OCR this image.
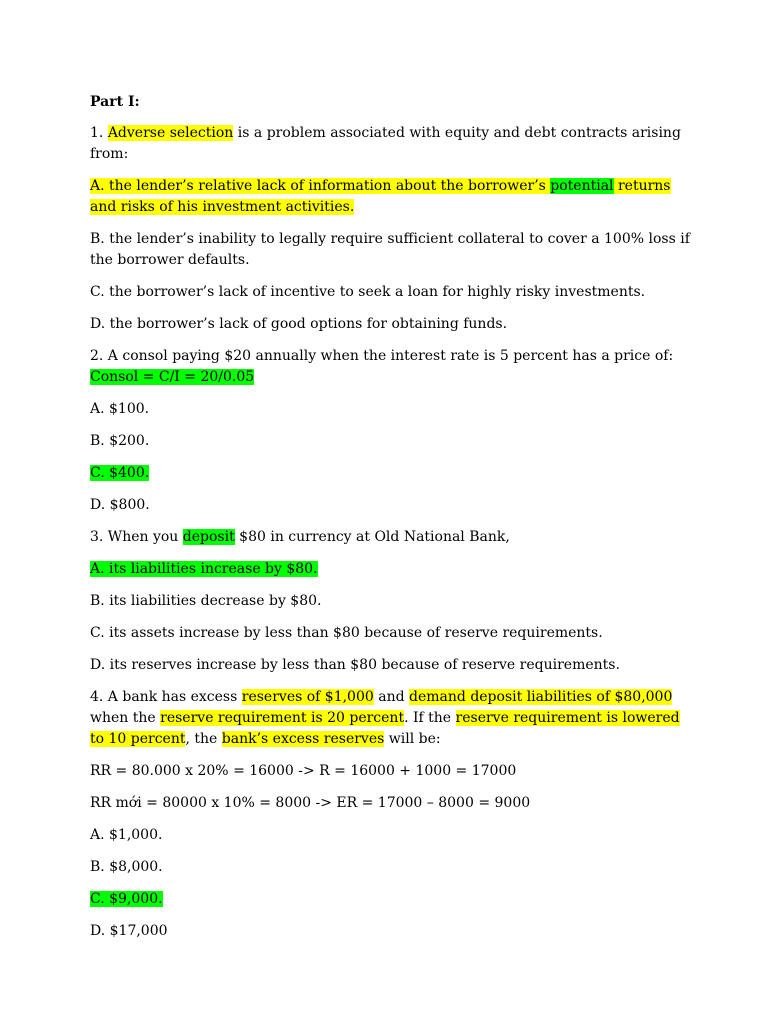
Part I:

1. Adverse selection is a problem associated with equity and debt contracts arising from:

A. the lender’s relative lack of information about the borrower’s potential returns and risks of his investment activities.

B. the lender’s inability to legally require sufficient collateral to cover a 100% loss if the borrower defaults.

C. the borrower’s lack of incentive to seek a loan for highly risky investments.

D. the borrower’s lack of good options for obtaining funds.

2. A consol paying $20 annually when the interest rate is 5 percent has a price of: Consol = C/I = 20/0.05

A. $100.

B. $200.

C. $400.

D. $800.

3. When you deposit $80 in currency at Old National Bank,

A. its liabilities increase by $80.

B. its liabilities decrease by $80.

C. its assets increase by less than $80 because of reserve requirements.

D. its reserves increase by less than $80 because of reserve requirements.

4. A bank has excess reserves of $1,000 and demand deposit liabilities of $80,000 when the reserve requirement is 20 percent. If the reserve requirement is lowered to 10 percent, the bank’s excess reserves will be:

RR = 80.000 x 20% = 16000 -> R = 16000 + 1000 = 17000

RR mới = 80000 x 10% = 8000 -> ER = 17000 – 8000 = 9000

A. $1,000.

B. $8,000.

C. $9,000.

D. $17,000
